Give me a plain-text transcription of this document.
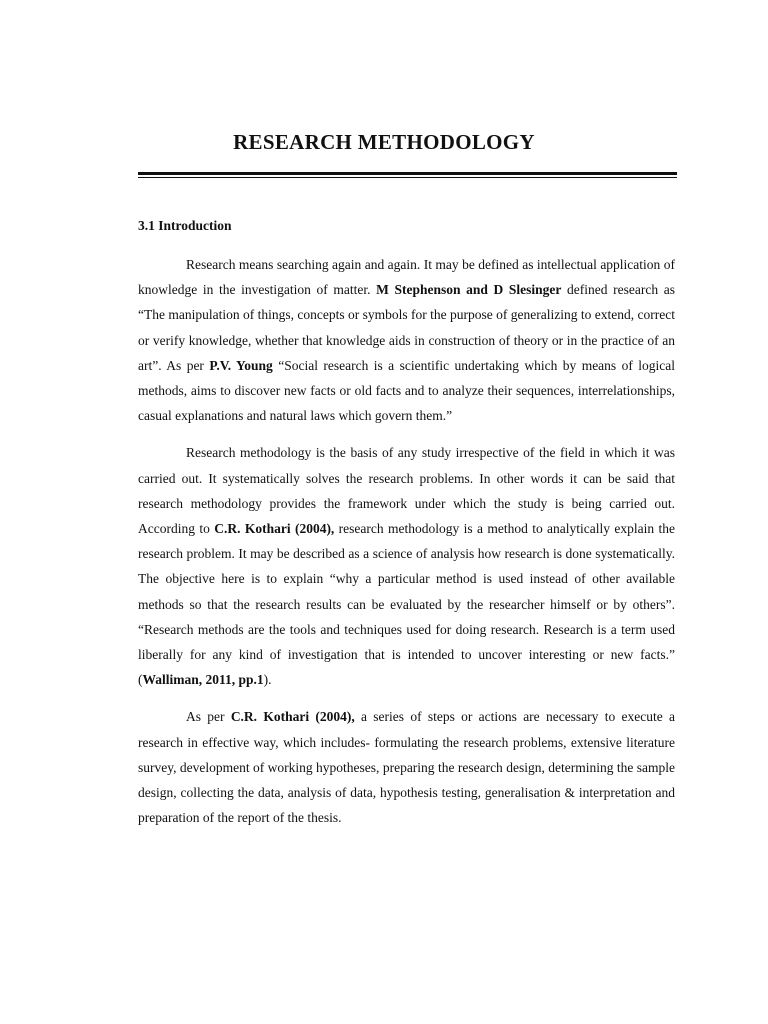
RESEARCH METHODOLOGY
3.1 Introduction

Research means searching again and again. It may be defined as intellectual application of knowledge in the investigation of matter. M Stephenson and D Slesinger defined research as “The manipulation of things, concepts or symbols for the purpose of generalizing to extend, correct or verify knowledge, whether that knowledge aids in construction of theory or in the practice of an art”. As per P.V. Young “Social research is a scientific undertaking which by means of logical methods, aims to discover new facts or old facts and to analyze their sequences, interrelationships, casual explanations and natural laws which govern them.”

Research methodology is the basis of any study irrespective of the field in which it was carried out. It systematically solves the research problems. In other words it can be said that research methodology provides the framework under which the study is being carried out. According to C.R. Kothari (2004), research methodology is a method to analytically explain the research problem. It may be described as a science of analysis how research is done systematically. The objective here is to explain “why a particular method is used instead of other available methods so that the research results can be evaluated by the researcher himself or by others”. “Research methods are the tools and techniques used for doing research. Research is a term used liberally for any kind of investigation that is intended to uncover interesting or new facts.” (Walliman, 2011, pp.1).

As per C.R. Kothari (2004), a series of steps or actions are necessary to execute a research in effective way, which includes- formulating the research problems, extensive literature survey, development of working hypotheses, preparing the research design, determining the sample design, collecting the data, analysis of data, hypothesis testing, generalisation & interpretation and preparation of the report of the thesis.
